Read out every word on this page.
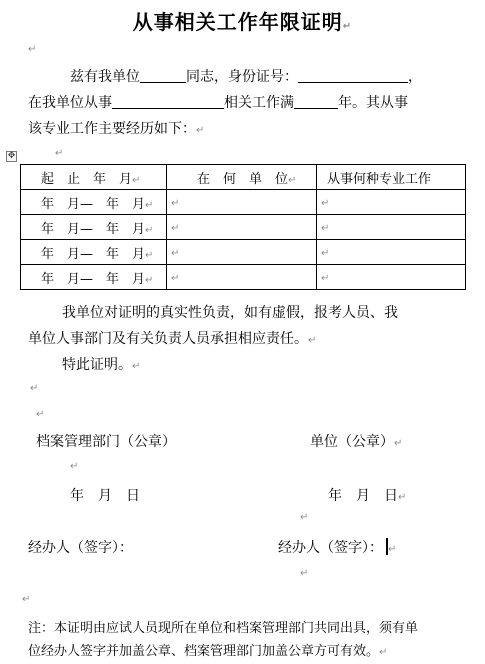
从事相关工作年限证明↵
↵
兹有我单位	同志，身份证号：	，
在我单位从事	相关工作满	年。其从事
该专业工作主要经历如下：↵
✥	↵
起　止　年　月↵	在　何　单　位↵	从事何种专业工作
年　月—　年　月↵	↵	↵
年　月—　年　月↵	↵	↵
年　月—　年　月↵	↵	↵
年　月—　年　月↵	↵	↵
我单位对证明的真实性负责，如有虚假，报考人员、我
单位人事部门及有关负责人员承担相应责任。↵
特此证明。↵
↵
↵
档案管理部门（公章）	单位（公章）↵
↵
年　月　日	年　月　日↵
↵
经办人（签字）：	经办人（签字）： ↵
↵
↵
注：本证明由应试人员现所在单位和档案管理部门共同出具，须有单
位经办人签字并加盖公章、档案管理部门加盖公章方可有效。↵
